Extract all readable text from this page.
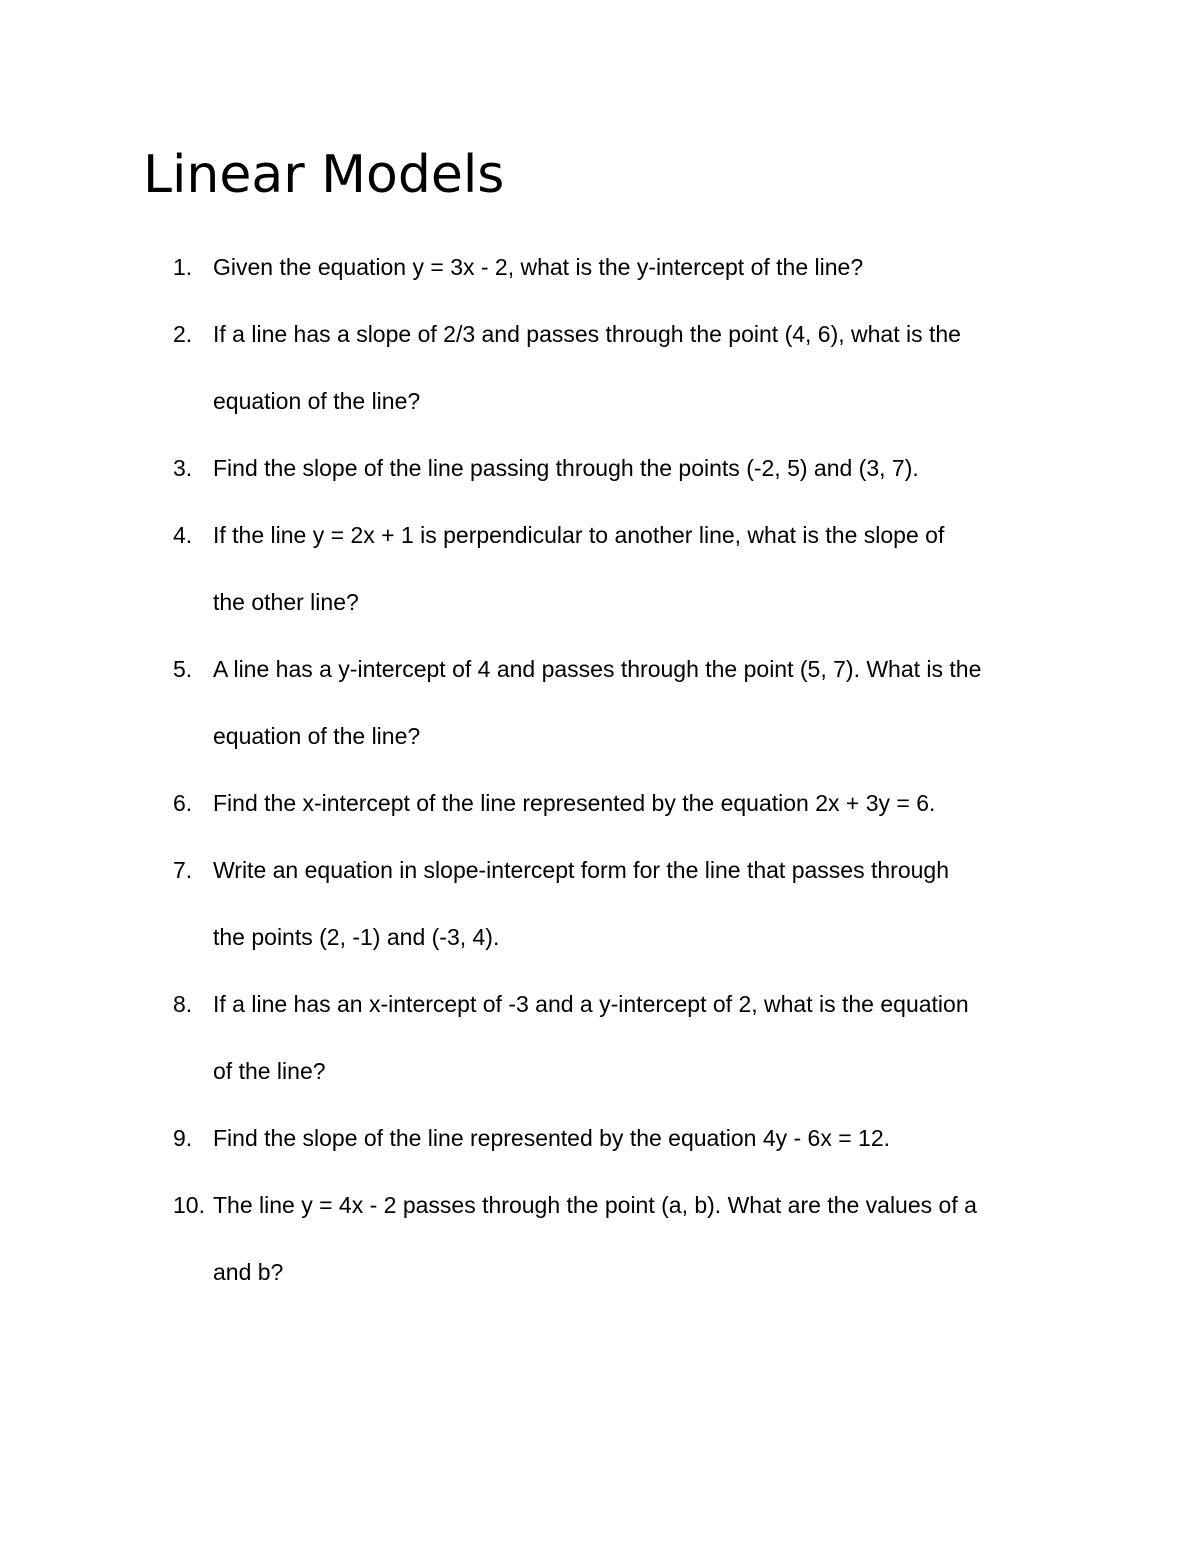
Linear Models
1. Given the equation y = 3x - 2, what is the y-intercept of the line?
2. If a line has a slope of 2/3 and passes through the point (4, 6), what is the
equation of the line?
3. Find the slope of the line passing through the points (-2, 5) and (3, 7).
4. If the line y = 2x + 1 is perpendicular to another line, what is the slope of
the other line?
5. A line has a y-intercept of 4 and passes through the point (5, 7). What is the
equation of the line?
6. Find the x-intercept of the line represented by the equation 2x + 3y = 6.
7. Write an equation in slope-intercept form for the line that passes through
the points (2, -1) and (-3, 4).
8. If a line has an x-intercept of -3 and a y-intercept of 2, what is the equation
of the line?
9. Find the slope of the line represented by the equation 4y - 6x = 12.
10. The line y = 4x - 2 passes through the point (a, b). What are the values of a
and b?
